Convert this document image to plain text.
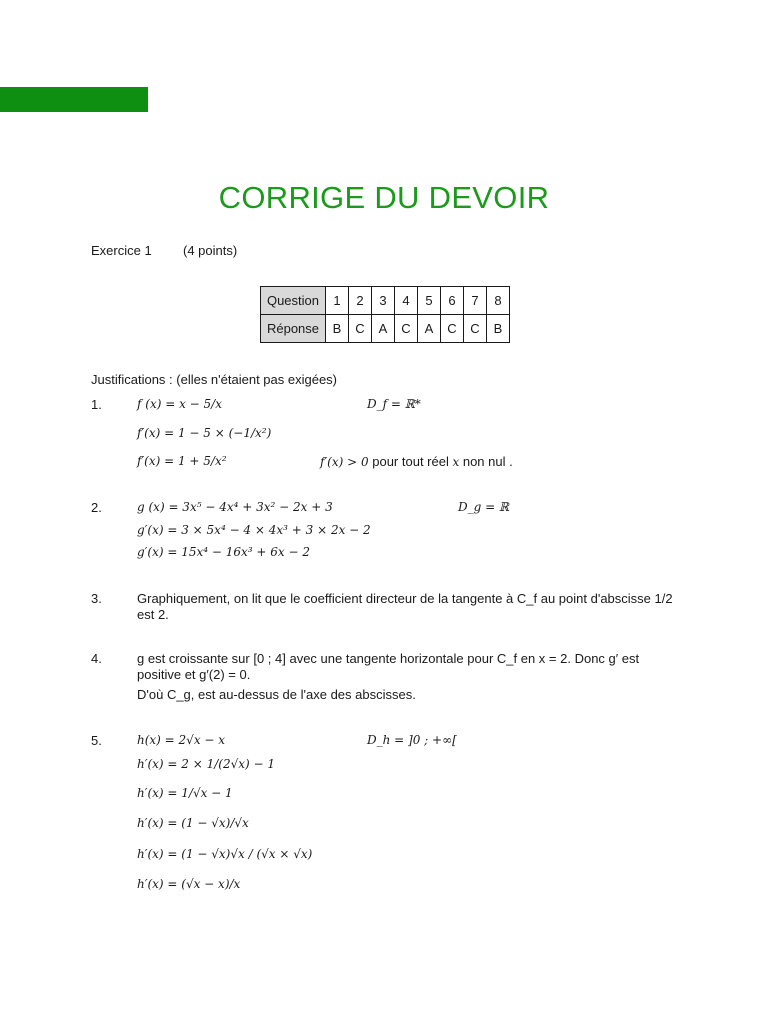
CORRIGE DU DEVOIR
Exercice 1 (4 points)
Question	1	2	3	4	5	6	7	8
Réponse	B	C	A	C	A	C	C	B
Justifications : (elles n'étaient pas exigées)
1.	f (x) = x − 5/x	D_f = ℝ*
f′(x) = 1 − 5 × (−1/x²)
f′(x) = 1 + 5/x²	f′(x) > 0 pour tout réel x non nul .
2.	g (x) = 3x⁵ − 4x⁴ + 3x² − 2x + 3	D_g = ℝ
g′(x) = 3 × 5x⁴ − 4 × 4x³ + 3 × 2x − 2
g′(x) = 15x⁴ − 16x³ + 6x − 2
3.	Graphiquement, on lit que le coefficient directeur de la tangente à C_f au point d'abscisse 1/2
est 2.
4.	g est croissante sur [0 ; 4] avec une tangente horizontale pour C_f en x = 2. Donc g′ est
positive et g′(2) = 0.
D'où C_g, est au-dessus de l'axe des abscisses.
5.	h(x) = 2√x − x	D_h = ]0 ; +∞[
h′(x) = 2 × 1/(2√x) − 1
h′(x) = 1/√x − 1
h′(x) = (1 − √x)/√x
h′(x) = (1 − √x)√x / (√x × √x)
h′(x) = (√x − x)/x
